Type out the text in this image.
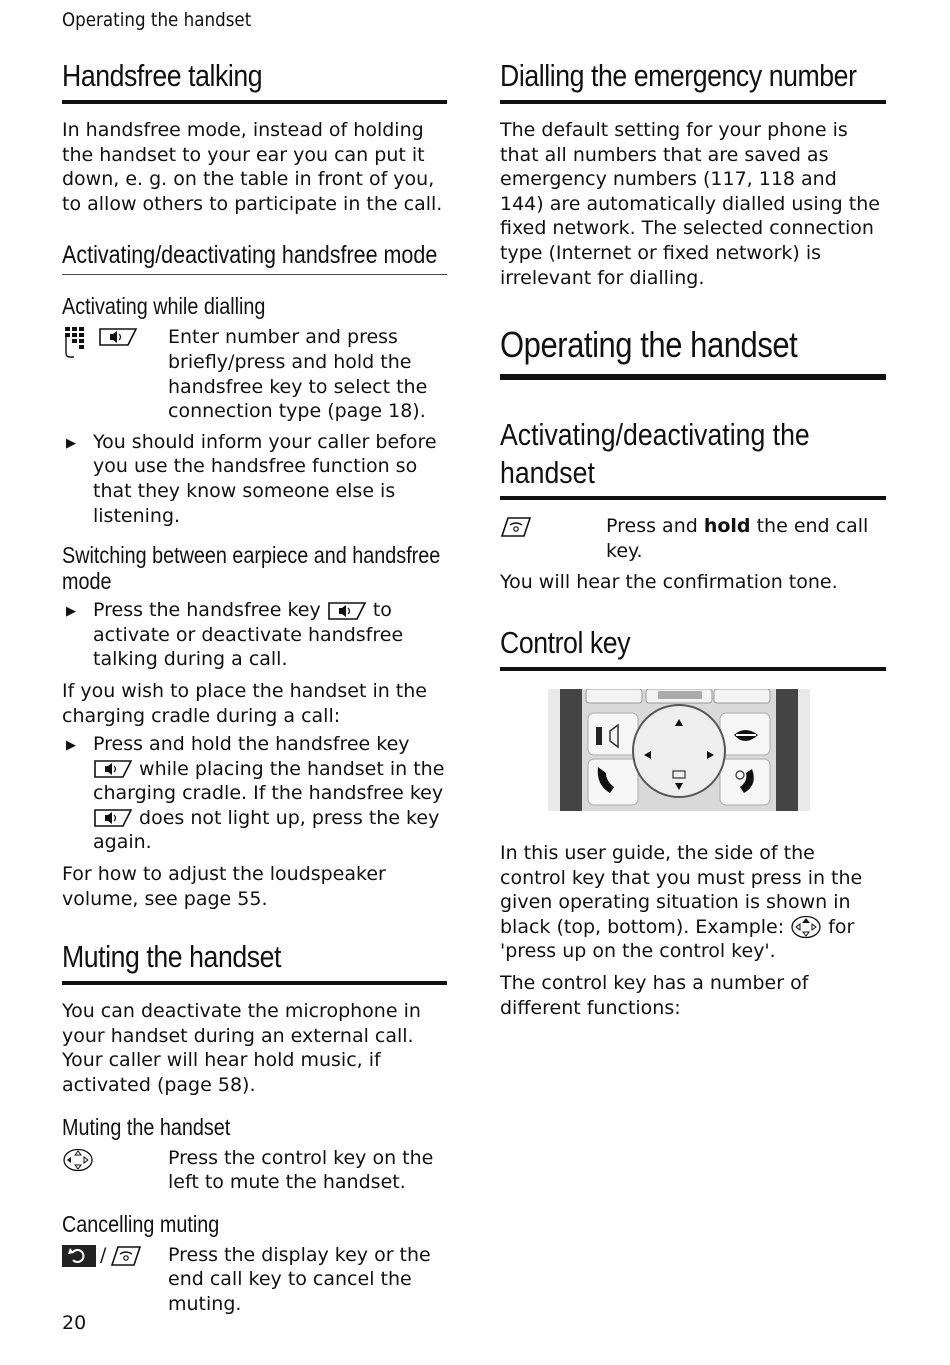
Operating the handset
Handsfree talking

In handsfree mode, instead of holding the handset to your ear you can put it down, e. g. on the table in front of you, to allow others to participate in the call.

Activating/deactivating handsfree mode
Activating while dialling
Enter number and press briefly/press and hold the handsfree key to select the connection type (page 18).
▶ You should inform your caller before you use the handsfree function so that they know someone else is listening.
Switching between earpiece and handsfree mode
▶ Press the handsfree key	to activate or deactivate handsfree talking during a call.

If you wish to place the handset in the charging cradle during a call:

▶ Press and hold the handsfree key
while placing the handset in the charging cradle. If the handsfree key
does not light up, press the key again.

For how to adjust the loudspeaker volume, see page 55.

Muting the handset

You can deactivate the microphone in your handset during an external call. Your caller will hear hold music, if activated (page 58).

Muting the handset
Press the control key on the left to mute the handset.
Cancelling muting
/	Press the display key or the end call key to cancel the muting.
Dialling the emergency number

The default setting for your phone is that all numbers that are saved as emergency numbers (117, 118 and 144) are automatically dialled using the fixed network. The selected connection type (Internet or fixed network) is irrelevant for dialling.

Operating the handset
Activating/deactivating the handset
Press and hold the end call key.

You will hear the confirmation tone.

Control key

In this user guide, the side of the control key that you must press in the given operating situation is shown in black (top, bottom). Example: for 'press up on the control key'.

The control key has a number of different functions:

20
